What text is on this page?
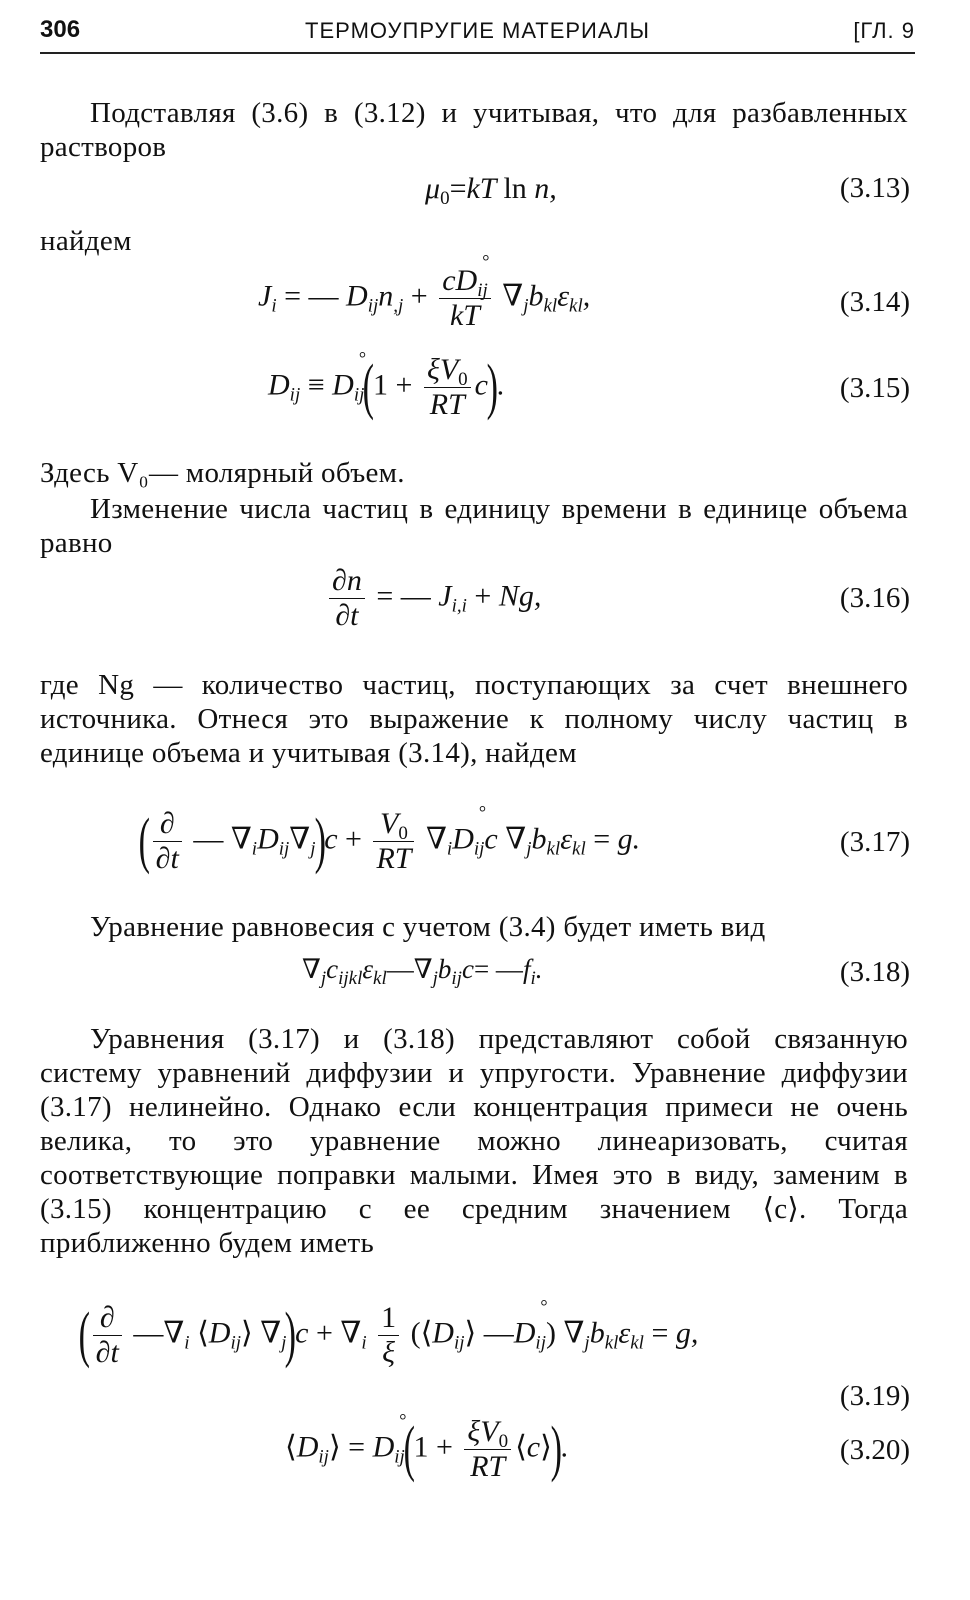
306	ТЕРМОУПРУГИЕ МАТЕРИАЛЫ	[ГЛ. 9
Подставляя (3.6) в (3.12) и учитывая, что для разбавленных растворов
$\mu_0=kT$ ln n,	(3.13)
найдем
$J_i$ = — $D_{ij}n_{,j} + \frac{cD_{ij}}{kT} \nabla_jb_{kl}\varepsilon_{kl}$,	(3.14)
$D_{ij} \equiv D_{ij}(1 + \frac{\xi V_0}{RT} c)$.	(3.15)
Здесь V₀— молярный объем.
Изменение числа частиц в единицу времени в единице объема равно
$\frac{\partial n}{\partial t}$ = — $J_{i,i} + Ng$,	(3.16)
где Ng — количество частиц, поступающих за счет внешнего источника. Отнеся это выражение к полному числу частиц в единице объема и учитывая (3.14), найдем
( $\frac{\partial}{\partial t}$ — $\nabla_iD_{ij}\nabla_j)c + \frac{V_0}{RT} \nabla_iD_{ij}c$ $\nabla_jb_{kl}\varepsilon_{kl} = g$.	(3.17)
Уравнение равновесия с учетом (3.4) будет иметь вид
$\nabla_jc_{ijkl}\varepsilon_{kl}—\nabla_jb_{ij}c=$ $—f_i$.	(3.18)
Уравнения (3.17) и (3.18) представляют собой связанную систему уравнений диффузии и упругости. Уравнение диффузии (3.17) нелинейно. Однако если концентрация примеси не очень велика, то это уравнение можно линеаризовать, считая соответствующие поправки малыми. Имея это в виду, заменим в (3.15) концентрацию c ее средним значением ⟨c⟩. Тогда приближенно будем иметь
( $\frac{\partial}{\partial t}$ $—\nabla_i$ $⟨D_{ij}⟩$ $\nabla_j)c + \nabla_i \frac{1}{\xi}$ ($⟨D_{ij}⟩$ $—D_{ij}$) $\nabla_jb_{kl}\varepsilon_{kl} = g$,
(3.19)
$⟨D_{ij}⟩ = D_{ij}(1 + \frac{\xi V_0}{RT}$ ⟨c⟩).	(3.20)
